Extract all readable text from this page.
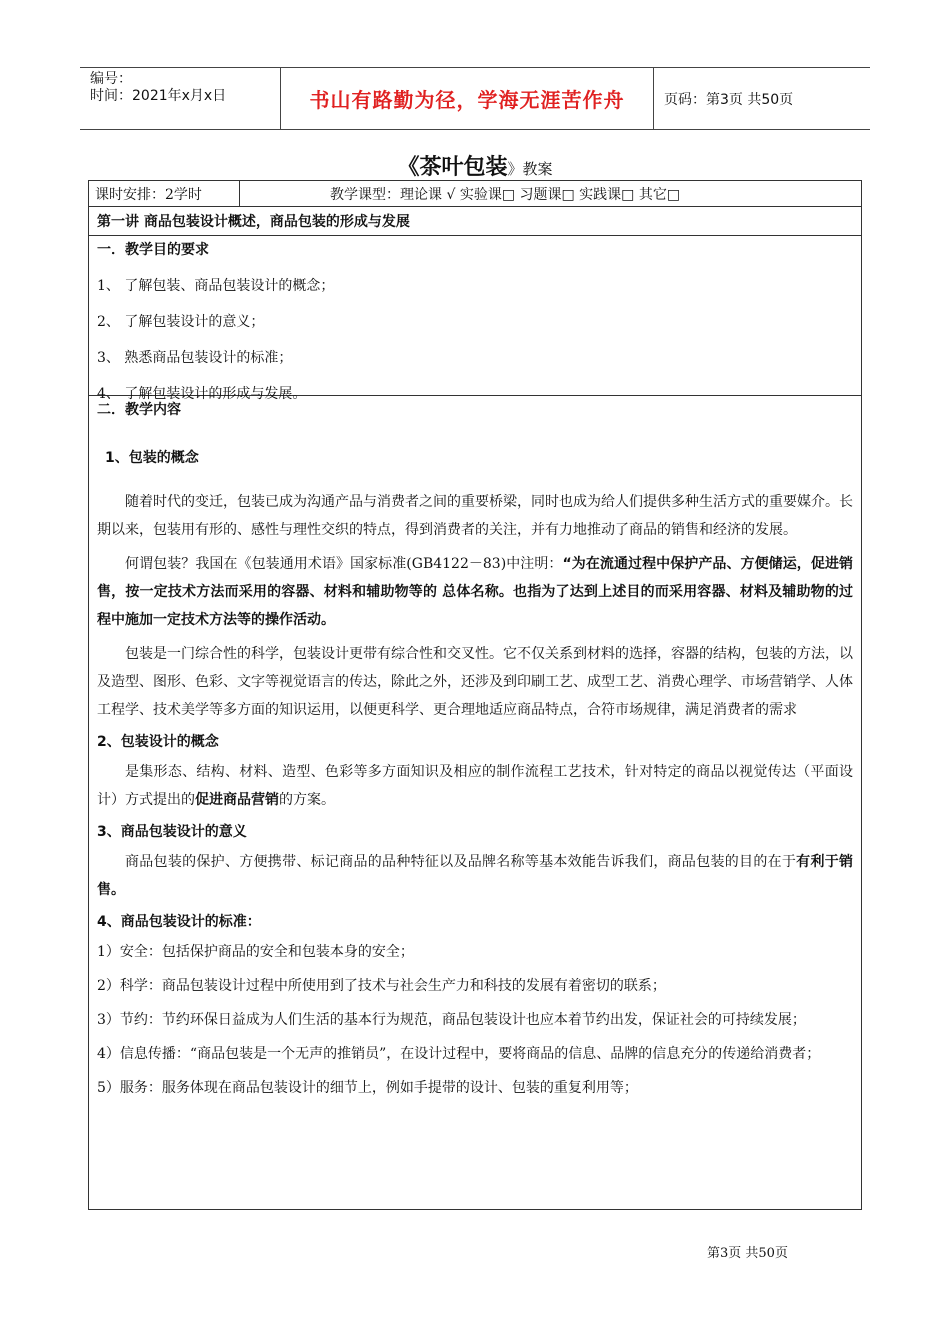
编号：
时间：2021年x月x日	书山有路勤为径，学海无涯苦作舟	页码：第3页 共50页
《茶叶包装》教案
课时安排：2学时	教学课型：理论课 √ 实验课□ 习题课□ 实践课□ 其它□
第一讲 商品包装设计概述，商品包装的形成与发展
一．教学目的要求
1、 了解包装、商品包装设计的概念；
2、 了解包装设计的意义；
3、 熟悉商品包装设计的标准；
4、 了解包装设计的形成与发展。
二．教学内容
1、包装的概念

随着时代的变迁，包装已成为沟通产品与消费者之间的重要桥梁，同时也成为给人们提供多种生活方式的重要媒介。长期以来，包装用有形的、感性与理性交织的特点，得到消费者的关注，并有力地推动了商品的销售和经济的发展。

何谓包装？我国在《包装通用术语》国家标准(GB4122－83)中注明：“为在流通过程中保护产品、方便储运，促进销售，按一定技术方法而采用的容器、材料和辅助物等的 总体名称。也指为了达到上述目的而采用容器、材料及辅助物的过程中施加一定技术方法等的操作活动。

包装是一门综合性的科学，包装设计更带有综合性和交叉性。它不仅关系到材料的选择，容器的结构，包装的方法，以及造型、图形、色彩、文字等视觉语言的传达，除此之外，还涉及到印刷工艺、成型工艺、消费心理学、市场营销学、人体工程学、技术美学等多方面的知识运用，以便更科学、更合理地适应商品特点，合符市场规律，满足消费者的需求

2、包装设计的概念

是集形态、结构、材料、造型、色彩等多方面知识及相应的制作流程工艺技术，针对特定的商品以视觉传达（平面设计）方式提出的促进商品营销的方案。

3、商品包装设计的意义

商品包装的保护、方便携带、标记商品的品种特征以及品牌名称等基本效能告诉我们，商品包装的目的在于有利于销售。

4、商品包装设计的标准：

1）安全：包括保护商品的安全和包装本身的安全；

2）科学：商品包装设计过程中所使用到了技术与社会生产力和科技的发展有着密切的联系；

3）节约：节约环保日益成为人们生活的基本行为规范，商品包装设计也应本着节约出发，保证社会的可持续发展；

4）信息传播：“商品包装是一个无声的推销员”，在设计过程中，要将商品的信息、品牌的信息充分的传递给消费者；

5）服务：服务体现在商品包装设计的细节上，例如手提带的设计、包装的重复利用等；

第3页 共50页
